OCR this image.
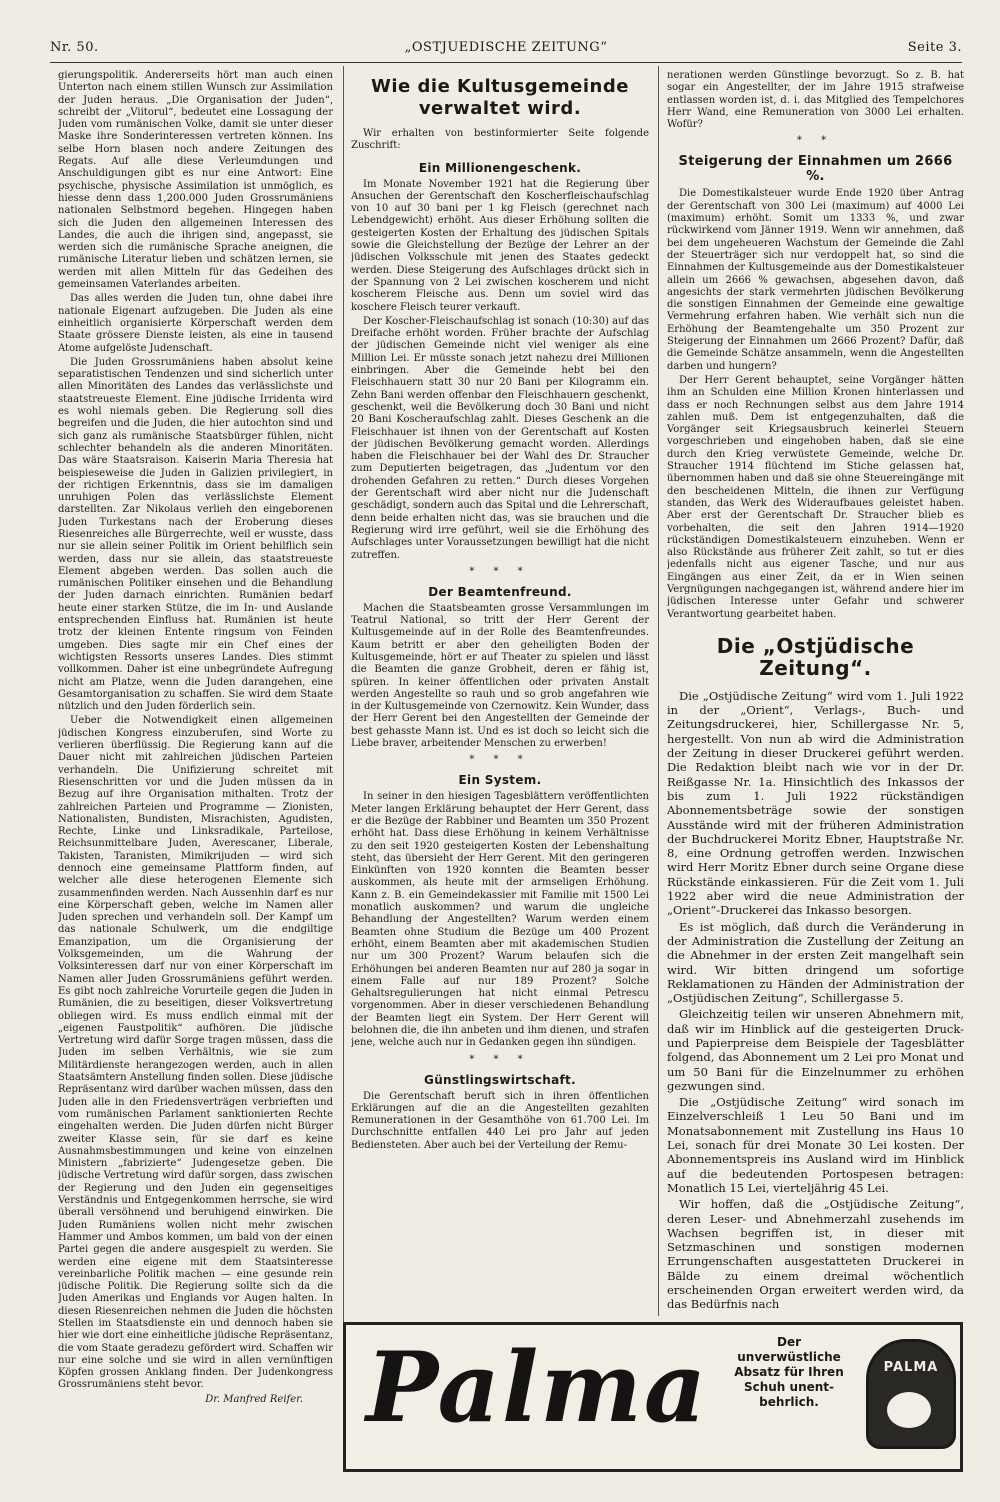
Nr. 50.	„OSTJUEDISCHE ZEITUNG“	Seite 3.

gierungspolitik. Andererseits hört man auch einen Unterton nach einem stillen Wunsch zur Assimilation der Juden heraus. „Die Organisation der Juden“, schreibt der „Viitorul“, bedeutet eine Lossagung der Juden vom rumänischen Volke, damit sie unter dieser Maske ihre Sonderinteressen vertreten können. Ins selbe Horn blasen noch andere Zeitungen des Regats. Auf alle diese Verleumdungen und Anschuldigungen gibt es nur eine Antwort: Eine psychische, physische Assimilation ist unmöglich, es hiesse denn dass 1,200.000 Juden Grossrumäniens nationalen Selbstmord begehen. Hingegen haben sich die Juden den allgemeinen Interessen des Landes, die auch die ihrigen sind, angepasst, sie werden sich die rumänische Sprache aneignen, die rumänische Literatur lieben und schätzen lernen, sie werden mit allen Mitteln für das Gedeihen des gemeinsamen Vaterlandes arbeiten.

Das alles werden die Juden tun, ohne dabei ihre nationale Eigenart aufzugeben. Die Juden als eine einheitlich organisierte Körperschaft werden dem Staate grössere Dienste leisten, als eine in tausend Atome aufgelöste Judenschaft.

Die Juden Grossrumäniens haben absolut keine separatistischen Tendenzen und sind sicherlich unter allen Minoritäten des Landes das verlässlichste und staatstreueste Element. Eine jüdische Irridenta wird es wohl niemals geben. Die Regierung soll dies begreifen und die Juden, die hier autochton sind und sich ganz als rumänische Staatsbürger fühlen, nicht schlechter behandeln als die anderen Minoritäten. Das wäre Staatsraison. Kaiserin Maria Theresia hat beispieseweise die Juden in Galizien privilegiert, in der richtigen Erkenntnis, dass sie im damaligen unruhigen Polen das verlässlichste Element darstellten. Zar Nikolaus verlieh den eingeborenen Juden Turkestans nach der Eroberung dieses Riesenreiches alle Bürgerrechte, weil er wusste, dass nur sie allein seiner Politik im Orient behilflich sein werden, dass nur sie allein, das staatstreueste Element abgeben werden. Das sollen auch die rumänischen Politiker einsehen und die Behandlung der Juden darnach einrichten. Rumänien bedarf heute einer starken Stütze, die im In- und Auslande entsprechenden Einfluss hat. Rumänien ist heute trotz der kleinen Entente ringsum von Feinden umgeben. Dies sagte mir ein Chef eines der wichtigsten Ressorts unseres Landes. Dies stimmt vollkommen. Daher ist eine unbegründete Aufregung nicht am Platze, wenn die Juden darangehen, eine Gesamtorganisation zu schaffen. Sie wird dem Staate nützlich und den Juden förderlich sein.

Ueber die Notwendigkeit einen allgemeinen jüdischen Kongress einzuberufen, sind Worte zu verlieren überflüssig. Die Regierung kann auf die Dauer nicht mit zahlreichen jüdischen Parteien verhandeln. Die Unifizierung schreitet mit Riesenschritten vor und die Juden müssen da in Bezug auf ihre Organisation mithalten. Trotz der zahlreichen Parteien und Programme — Zionisten, Nationalisten, Bundisten, Misrachisten, Agudisten, Rechte, Linke und Linksradikale, Parteilose, Reichsunmittelbare Juden, Averescaner, Liberale, Takisten, Taranisten, Mimikrijuden — wird sich dennoch eine gemeinsame Plattform finden, auf welcher alle diese heterogenen Elemente sich zusammenfinden werden. Nach Aussenhin darf es nur eine Körperschaft geben, welche im Namen aller Juden sprechen und verhandeln soll. Der Kampf um das nationale Schulwerk, um die endgiltige Emanzipation, um die Organisierung der Volksgemeinden, um die Wahrung der Volksinteressen darf nur von einer Körperschaft im Namen aller Juden Grossrumäniens geführt werden. Es gibt noch zahlreiche Vorurteile gegen die Juden in Rumänien, die zu beseitigen, dieser Volksvertretung obliegen wird. Es muss endlich einmal mit der „eigenen Faustpolitik“ aufhören. Die jüdische Vertretung wird dafür Sorge tragen müssen, dass die Juden im selben Verhältnis, wie sie zum Militärdienste herangezogen werden, auch in allen Staatsämtern Anstellung finden sollen. Diese jüdische Repräsentanz wird darüber wachen müssen, dass den Juden alle in den Friedensverträgen verbrieften und vom rumänischen Parlament sanktionierten Rechte eingehalten werden. Die Juden dürfen nicht Bürger zweiter Klasse sein, für sie darf es keine Ausnahmsbestimmungen und keine von einzelnen Ministern „fabrizierte“ Judengesetze geben. Die jüdische Vertretung wird dafür sorgen, dass zwischen der Regierung und den Juden ein gegenseitiges Verständnis und Entgegenkommen herrsche, sie wird überall versöhnend und beruhigend einwirken. Die Juden Rumäniens wollen nicht mehr zwischen Hammer und Ambos kommen, um bald von der einen Partei gegen die andere ausgespielt zu werden. Sie werden eine eigene mit dem Staatsinteresse vereinbarliche Politik machen — eine gesunde rein jüdische Politik. Die Regierung sollte sich da die Juden Amerikas und Englands vor Augen halten. In diesen Riesenreichen nehmen die Juden die höchsten Stellen im Staatsdienste ein und dennoch haben sie hier wie dort eine einheitliche jüdische Repräsentanz, die vom Staate geradezu gefördert wird. Schaffen wir nur eine solche und sie wird in allen vernünftigen Köpfen grossen Anklang finden. Der Judenkongress Grossrumäniens steht bevor.

Dr. Manfred Reifer.
Wie die Kultusgemeinde verwaltet wird.

Wir erhalten von bestinformierter Seite folgende Zuschrift:

Ein Millionengeschenk.

Im Monate November 1921 hat die Regierung über Ansuchen der Gerentschaft den Koscherfleischaufschlag von 10 auf 30 bani per 1 kg Fleisch (gerechnet nach Lebendgewicht) erhöht. Aus dieser Erhöhung sollten die gesteigerten Kosten der Erhaltung des jüdischen Spitals sowie die Gleichstellung der Bezüge der Lehrer an der jüdischen Volksschule mit jenen des Staates gedeckt werden. Diese Steigerung des Aufschlages drückt sich in der Spannung von 2 Lei zwischen koscherem und nicht koscherem Fleische aus. Denn um soviel wird das koschere Fleisch teurer verkauft.

Der Koscher-Fleischaufschlag ist sonach (10:30) auf das Dreifache erhöht worden. Früher brachte der Aufschlag der jüdischen Gemeinde nicht viel weniger als eine Million Lei. Er müsste sonach jetzt nahezu drei Millionen einbringen. Aber die Gemeinde hebt bei den Fleischhauern statt 30 nur 20 Bani per Kilogramm ein. Zehn Bani werden offenbar den Fleischhauern geschenkt, geschenkt, weil die Bevölkerung doch 30 Bani und nicht 20 Bani Koscheraufschlag zahlt. Dieses Geschenk an die Fleischhauer ist ihnen von der Gerentschaft auf Kosten der jüdischen Bevölkerung gemacht worden. Allerdings haben die Fleischhauer bei der Wahl des Dr. Straucher zum Deputierten beigetragen, das „Judentum vor den drohenden Gefahren zu retten.“ Durch dieses Vorgehen der Gerentschaft wird aber nicht nur die Judenschaft geschädigt, sondern auch das Spital und die Lehrerschaft, denn beide erhalten nicht das, was sie brauchen und die Regierung wird irre geführt, weil sie die Erhöhung des Aufschlages unter Voraussetzungen bewilligt hat die nicht zutreffen.

* * *
Der Beamtenfreund.

Machen die Staatsbeamten grosse Versammlungen im Teatrul National, so tritt der Herr Gerent der Kultusgemeinde auf in der Rolle des Beamtenfreundes. Kaum betritt er aber den geheiligten Boden der Kultusgemeinde, hört er auf Theater zu spielen und lässt die Beamten die ganze Grobheit, deren er fähig ist, spüren. In keiner öffentlichen oder privaten Anstalt werden Angestellte so rauh und so grob angefahren wie in der Kultusgemeinde von Czernowitz. Kein Wunder, dass der Herr Gerent bei den Angestellten der Gemeinde der best gehasste Mann ist. Und es ist doch so leicht sich die Liebe braver, arbeitender Menschen zu erwerben!

* * *
Ein System.

In seiner in den hiesigen Tagesblättern veröffentlichten Meter langen Erklärung behauptet der Herr Gerent, dass er die Bezüge der Rabbiner und Beamten um 350 Prozent erhöht hat. Dass diese Erhöhung in keinem Verhältnisse zu den seit 1920 gesteigerten Kosten der Lebenshaltung steht, das übersieht der Herr Gerent. Mit den geringeren Einkünften von 1920 konnten die Beamten besser auskommen, als heute mit der armseligen Erhöhung. Kann z. B. ein Gemeindekassier mit Familie mit 1500 Lei monatlich auskommen? und warum die ungleiche Behandlung der Angestellten? Warum werden einem Beamten ohne Studium die Bezüge um 400 Prozent erhöht, einem Beamten aber mit akademischen Studien nur um 300 Prozent? Warum belaufen sich die Erhöhungen bei anderen Beamten nur auf 280 ja sogar in einem Falle auf nur 189 Prozent? Solche Gehaltsregulierungen hat nicht einmal Petrescu vorgenommen. Aber in dieser verschiedenen Behandlung der Beamten liegt ein System. Der Herr Gerent will belohnen die, die ihn anbeten und ihm dienen, und strafen jene, welche auch nur in Gedanken gegen ihn sündigen.

* * *
Günstlingswirtschaft.

Die Gerentschaft beruft sich in ihren öffentlichen Erklärungen auf die an die Angestellten gezahlten Remunerationen in der Gesamthöhe von 61.700 Lei. Im Durchschnitte entfallen 440 Lei pro Jahr auf jeden Bediensteten. Aber auch bei der Verteilung der Remu-

nerationen werden Günstlinge bevorzugt. So z. B. hat sogar ein Angestellter, der im Jahre 1915 strafweise entlassen worden ist, d. i. das Mitglied des Tempelchores Herr Wand, eine Remuneration von 3000 Lei erhalten. Wofür?

* *
Steigerung der Einnahmen um 2666 %.

Die Domestikalsteuer wurde Ende 1920 über Antrag der Gerentschaft von 300 Lei (maximum) auf 4000 Lei (maximum) erhöht. Somit um 1333 %, und zwar rückwirkend vom Jänner 1919. Wenn wir annehmen, daß bei dem ungeheueren Wachstum der Gemeinde die Zahl der Steuerträger sich nur verdoppelt hat, so sind die Einnahmen der Kultusgemeinde aus der Domestikalsteuer allein um 2666 % gewachsen, abgesehen davon, daß angesichts der stark vermehrten jüdischen Bevölkerung die sonstigen Einnahmen der Gemeinde eine gewaltige Vermehrung erfahren haben. Wie verhält sich nun die Erhöhung der Beamtengehalte um 350 Prozent zur Steigerung der Einnahmen um 2666 Prozent? Dafür, daß die Gemeinde Schätze ansammeln, wenn die Angestellten darben und hungern?

Der Herr Gerent behauptet, seine Vorgänger hätten ihm an Schulden eine Million Kronen hinterlassen und dass er noch Rechnungen selbst aus dem Jahre 1914 zahlen muß. Dem ist entgegenzuhalten, daß die Vorgänger seit Kriegsausbruch keinerlei Steuern vorgeschrieben und eingehoben haben, daß sie eine durch den Krieg verwüstete Gemeinde, welche Dr. Straucher 1914 flüchtend im Stiche gelassen hat, übernommen haben und daß sie ohne Steuereingänge mit den bescheidenen Mitteln, die ihnen zur Verfügung standen, das Werk des Wideraufbaues geleistet haben. Aber erst der Gerentschaft Dr. Straucher blieb es vorbehalten, die seit den Jahren 1914—1920 rückständigen Domestikalsteuern einzuheben. Wenn er also Rückstände aus früherer Zeit zahlt, so tut er dies jedenfalls nicht aus eigener Tasche, und nur aus Eingängen aus einer Zeit, da er in Wien seinen Vergnügungen nachgegangen ist, während andere hier im jüdischen Interesse unter Gefahr und schwerer Verantwortung gearbeitet haben.

Die „Ostjüdische Zeitung“.

Die „Ostjüdische Zeitung“ wird vom 1. Juli 1922 in der „Orient“, Verlags-, Buch- und Zeitungsdruckerei, hier, Schillergasse Nr. 5, hergestellt. Von nun ab wird die Administration der Zeitung in dieser Druckerei geführt werden. Die Redaktion bleibt nach wie vor in der Dr. Reißgasse Nr. 1a. Hinsichtlich des Inkassos der bis zum 1. Juli 1922 rückständigen Abonnementsbeträge sowie der sonstigen Ausstände wird mit der früheren Administration der Buchdruckerei Moritz Ebner, Hauptstraße Nr. 8, eine Ordnung getroffen werden. Inzwischen wird Herr Moritz Ebner durch seine Organe diese Rückstände einkassieren. Für die Zeit vom 1. Juli 1922 aber wird die neue Administration der „Orient“-Druckerei das Inkasso besorgen.

Es ist möglich, daß durch die Veränderung in der Administration die Zustellung der Zeitung an die Abnehmer in der ersten Zeit mangelhaft sein wird. Wir bitten dringend um sofortige Reklamationen zu Händen der Administration der „Ostjüdischen Zeitung“, Schillergasse 5.

Gleichzeitig teilen wir unseren Abnehmern mit, daß wir im Hinblick auf die gesteigerten Druck- und Papierpreise dem Beispiele der Tagesblätter folgend, das Abonnement um 2 Lei pro Monat und um 50 Bani für die Einzelnummer zu erhöhen gezwungen sind.

Die „Ostjüdische Zeitung“ wird sonach im Einzelverschleiß 1 Leu 50 Bani und im Monatsabonnement mit Zustellung ins Haus 10 Lei, sonach für drei Monate 30 Lei kosten. Der Abonnementspreis ins Ausland wird im Hinblick auf die bedeutenden Portospesen betragen: Monatlich 15 Lei, vierteljährig 45 Lei.

Wir hoffen, daß die „Ostjüdische Zeitung“, deren Leser- und Abnehmerzahl zusehends im Wachsen begriffen ist, in dieser mit Setzmaschinen und sonstigen modernen Errungenschaften ausgestatteten Druckerei in Bälde zu einem dreimal wöchentlich erscheinenden Organ erweitert werden wird, da das Bedürfnis nach

Palma	Der
unverwüstliche
Absatz für Ihren
Schuh unent-
behrlich.
PALMA
